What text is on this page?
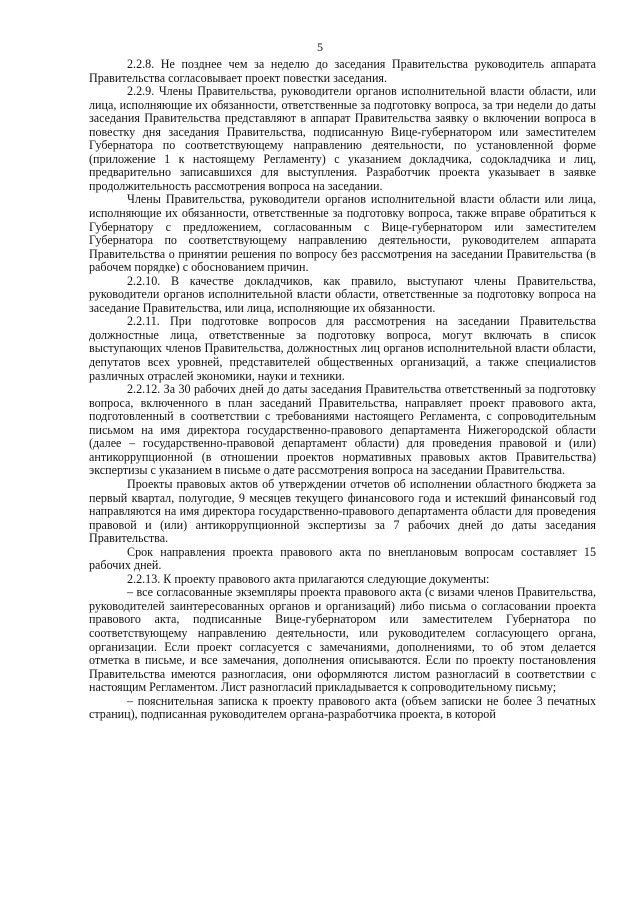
5

2.2.8. Не позднее чем за неделю до заседания Правительства руководитель аппарата Правительства согласовывает проект повестки заседания.

2.2.9. Члены Правительства, руководители органов исполнительной власти области, или лица, исполняющие их обязанности, ответственные за подготовку вопроса, за три недели до даты заседания Правительства представляют в аппарат Правительства заявку о включении вопроса в повестку дня заседания Правительства, подписанную Вице-губернатором или заместителем Губернатора по соответствующему направлению деятельности, по установленной форме (приложение 1 к настоящему Регламенту) с указанием докладчика, содокладчика и лиц, предварительно записавшихся для выступления. Разработчик проекта указывает в заявке продолжительность рассмотрения вопроса на заседании.

Члены Правительства, руководители органов исполнительной власти области или лица, исполняющие их обязанности, ответственные за подготовку вопроса, также вправе обратиться к Губернатору с предложением, согласованным с Вице-губернатором или заместителем Губернатора по соответствующему направлению деятельности, руководителем аппарата Правительства о принятии решения по вопросу без рассмотрения на заседании Правительства (в рабочем порядке) с обоснованием причин.

2.2.10. В качестве докладчиков, как правило, выступают члены Правительства, руководители органов исполнительной власти области, ответственные за подготовку вопроса на заседание Правительства, или лица, исполняющие их обязанности.

2.2.11. При подготовке вопросов для рассмотрения на заседании Правительства должностные лица, ответственные за подготовку вопроса, могут включать в список выступающих членов Правительства, должностных лиц органов исполнительной власти области, депутатов всех уровней, представителей общественных организаций, а также специалистов различных отраслей экономики, науки и техники.

2.2.12. За 30 рабочих дней до даты заседания Правительства ответственный за подготовку вопроса, включенного в план заседаний Правительства, направляет проект правового акта, подготовленный в соответствии с требованиями настоящего Регламента, с сопроводительным письмом на имя директора государственно-правового департамента Нижегородской области (далее – государственно-правовой департамент области) для проведения правовой и (или) антикоррупционной (в отношении проектов нормативных правовых актов Правительства) экспертизы с указанием в письме о дате рассмотрения вопроса на заседании Правительства.

Проекты правовых актов об утверждении отчетов об исполнении областного бюджета за первый квартал, полугодие, 9 месяцев текущего финансового года и истекший финансовый год направляются на имя директора государственно-правового департамента области для проведения правовой и (или) антикоррупционной экспертизы за 7 рабочих дней до даты заседания Правительства.

Срок направления проекта правового акта по внеплановым вопросам составляет 15 рабочих дней.

2.2.13. К проекту правового акта прилагаются следующие документы:

– все согласованные экземпляры проекта правового акта (с визами членов Правительства, руководителей заинтересованных органов и организаций) либо письма о согласовании проекта правового акта, подписанные Вице-губернатором или заместителем Губернатора по соответствующему направлению деятельности, или руководителем согласующего органа, организации. Если проект согласуется с замечаниями, дополнениями, то об этом делается отметка в письме, и все замечания, дополнения описываются. Если по проекту постановления Правительства имеются разногласия, они оформляются листом разногласий в соответствии с настоящим Регламентом. Лист разногласий прикладывается к сопроводительному письму;

– пояснительная записка к проекту правового акта (объем записки не более 3 печатных страниц), подписанная руководителем органа-разработчика проекта, в которой
